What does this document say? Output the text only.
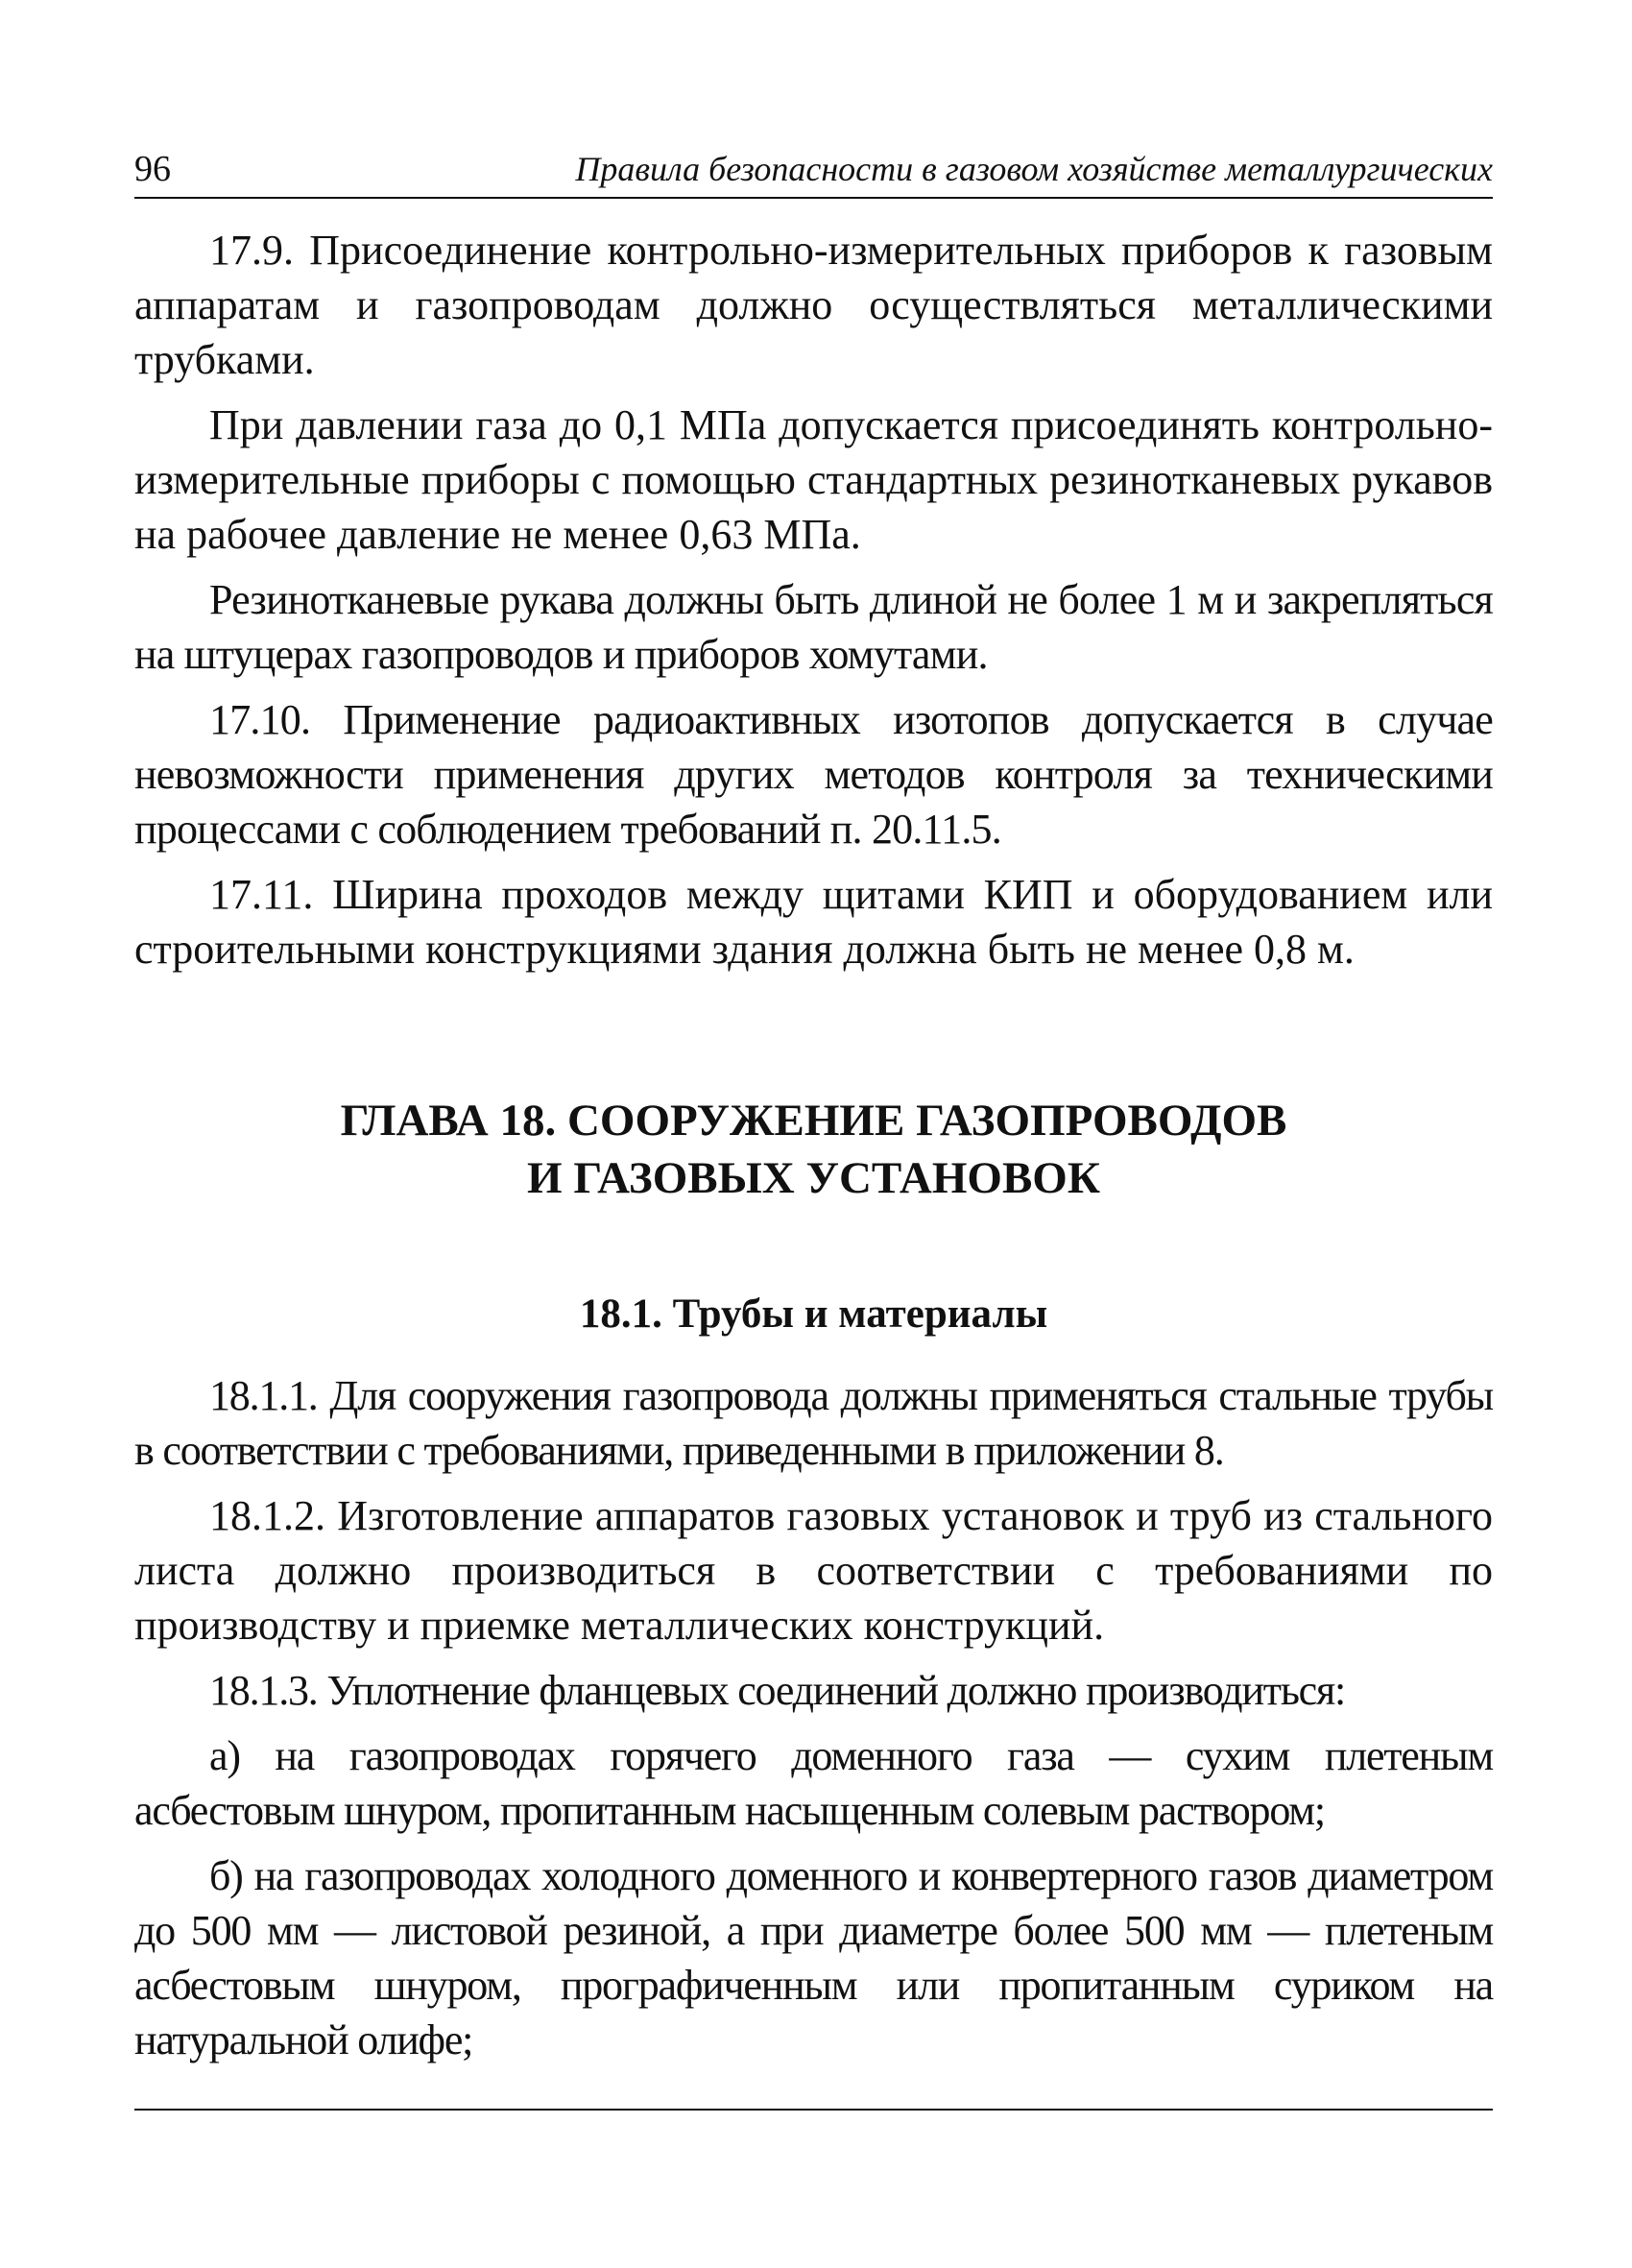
96	Правила безопасности в газовом хозяйстве металлургических

17.9. Присоединение контрольно-измерительных приборов к газовым аппаратам и газопроводам должно осуществляться металлическими трубками.

При давлении газа до 0,1 МПа допускается присоединять контрольно-измерительные приборы с помощью стандартных резинотканевых рукавов на рабочее давление не менее 0,63 МПа.

Резинотканевые рукава должны быть длиной не более 1 м и закрепляться на штуцерах газопроводов и приборов хомутами.

17.10. Применение радиоактивных изотопов допускается в случае невозможности применения других методов контроля за техническими процессами с соблюдением требований п. 20.11.5.

17.11. Ширина проходов между щитами КИП и оборудованием или строительными конструкциями здания должна быть не менее 0,8 м.

ГЛАВА 18. СООРУЖЕНИЕ ГАЗОПРОВОДОВ
И ГАЗОВЫХ УСТАНОВОК
18.1. Трубы и материалы

18.1.1. Для сооружения газопровода должны применяться стальные трубы в соответствии с требованиями, приведенными в приложении 8.

18.1.2. Изготовление аппаратов газовых установок и труб из стального листа должно производиться в соответствии с требованиями по производству и приемке металлических конструкций.

18.1.3. Уплотнение фланцевых соединений должно производиться:

а) на газопроводах горячего доменного газа — сухим плетеным асбестовым шнуром, пропитанным насыщенным солевым раствором;

б) на газопроводах холодного доменного и конвертерного газов диаметром до 500 мм — листовой резиной, а при диаметре более 500 мм — плетеным асбестовым шнуром, прографиченным или пропитанным суриком на натуральной олифе;
